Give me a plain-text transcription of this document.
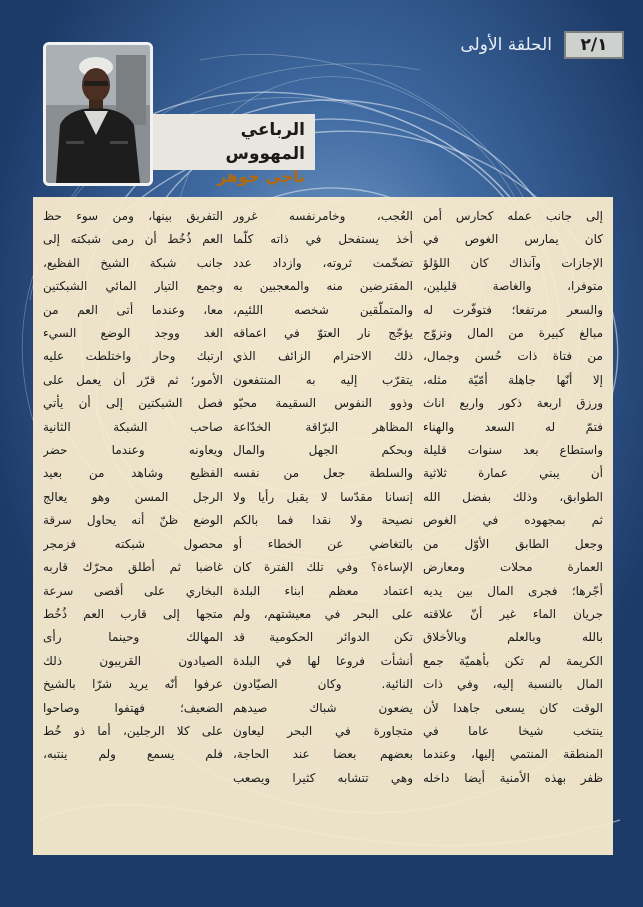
٢/١
الحلقة الأولى
الرباعي المهووس
ناجي جوهر
إلى جانب عمله كحارس أمن
كان يمارس الغوص في
الإجازات وآنذاك كان اللؤلؤ
متوفرا، والغاصة قليلين،
والسعر مرتفعا؛ فتوفّرت له
مبالغ كبيرة من المال وتزوّج
من فتاة ذات حُسن وجمال،
إلا أنّها جاهلة أمّيّة مثله،
ورزق اربعة ذكور واربع اناث
فتمّ له السعد والهناء
واستطاع بعد سنوات قليلة
أن يبني عمارة ثلاثية
الطوابق، وذلك بفضل الله
ثم بمجهوده في الغوص
وجعل الطابق الأوّل من
العمارة محلات ومعارض
أجّرها؛ فجرى المال بين يديه
جريان الماء غير أنّ علاقته
بالله وبالعلم وبالأخلاق
الكريمة لم تكن بأهميّة جمع
المال بالنسبة إليه، وفي ذات
الوقت كان يسعى جاهدا لأن
ينتخب شيخا عاما في
المنطقة المنتمي إليها، وعندما
ظفر بهذه الأمنية أيضا داخله
العُجب، وخامرنفسه غرور
أخذ يستفحل في ذاته كلّما
تضخّمت ثروته، وازداد عدد
المقترضين منه والمعجبين به
والمتملّقين شخصه اللئيم،
يؤجّج نار العتوّ في اعماقه
ذلك الاحترام الزائف الذي
يتقرّب إليه به المنتفعون
وذوو النفوس السقيمة محبّو
المظاهر البرّاقة الخدّاعة
وبحكم الجهل والمال
والسلطة جعل من نفسه
إنسانا مقدّسا لا يقبل رأيا ولا
نصيحة ولا نقدا فما بالكم
بالتغاضي عن الخطاء أو
الإساءة؟ وفي تلك الفترة كان
اعتماد معظم ابناء البلدة
على البحر في معيشتهم، ولم
تكن الدوائر الحكومية قد
أنشأت فروعا لها في البلدة
النائية. وكان الصيّادون
يضعون شباك صيدهم
متجاورة في البحر ليعاون
بعضهم بعضا عند الحاجة،
وهي تتشابه كثيرا ويصعب
التفريق بينها، ومن سوء حظ
العم ذُخُط أن رمى شبكته إلى
جانب شبكة الشيخ الفظيع،
وجمع التيار المائي الشبكتين
معا، وعندما أتى العم من
الغد ووجد الوضع السيء
ارتبك وحار واختلطت عليه
الأمور؛ ثم قرّر أن يعمل على
فصل الشبكتين إلى أن يأتي
صاحب الشبكة الثانية
ويعاونه وعندما حضر
الفظيع وشاهد من بعيد
الرجل المسن وهو يعالج
الوضع ظنّ أنه يحاول سرقة
محصول شبكته فزمجر
غاضبا ثم أطلق محرّك قاربه
البخاري على أقصى سرعة
متجها إلى قارب العم ذُخُط
المهالك وحينما رأى
الصيادون القريبون ذلك
عرفوا أنّه يريد شرّا بالشيخ
الضعيف؛ فهتفوا وصاحوا
على كلا الرجلين، أما ذو خُط
فلم يسمع ولم ينتبه،
